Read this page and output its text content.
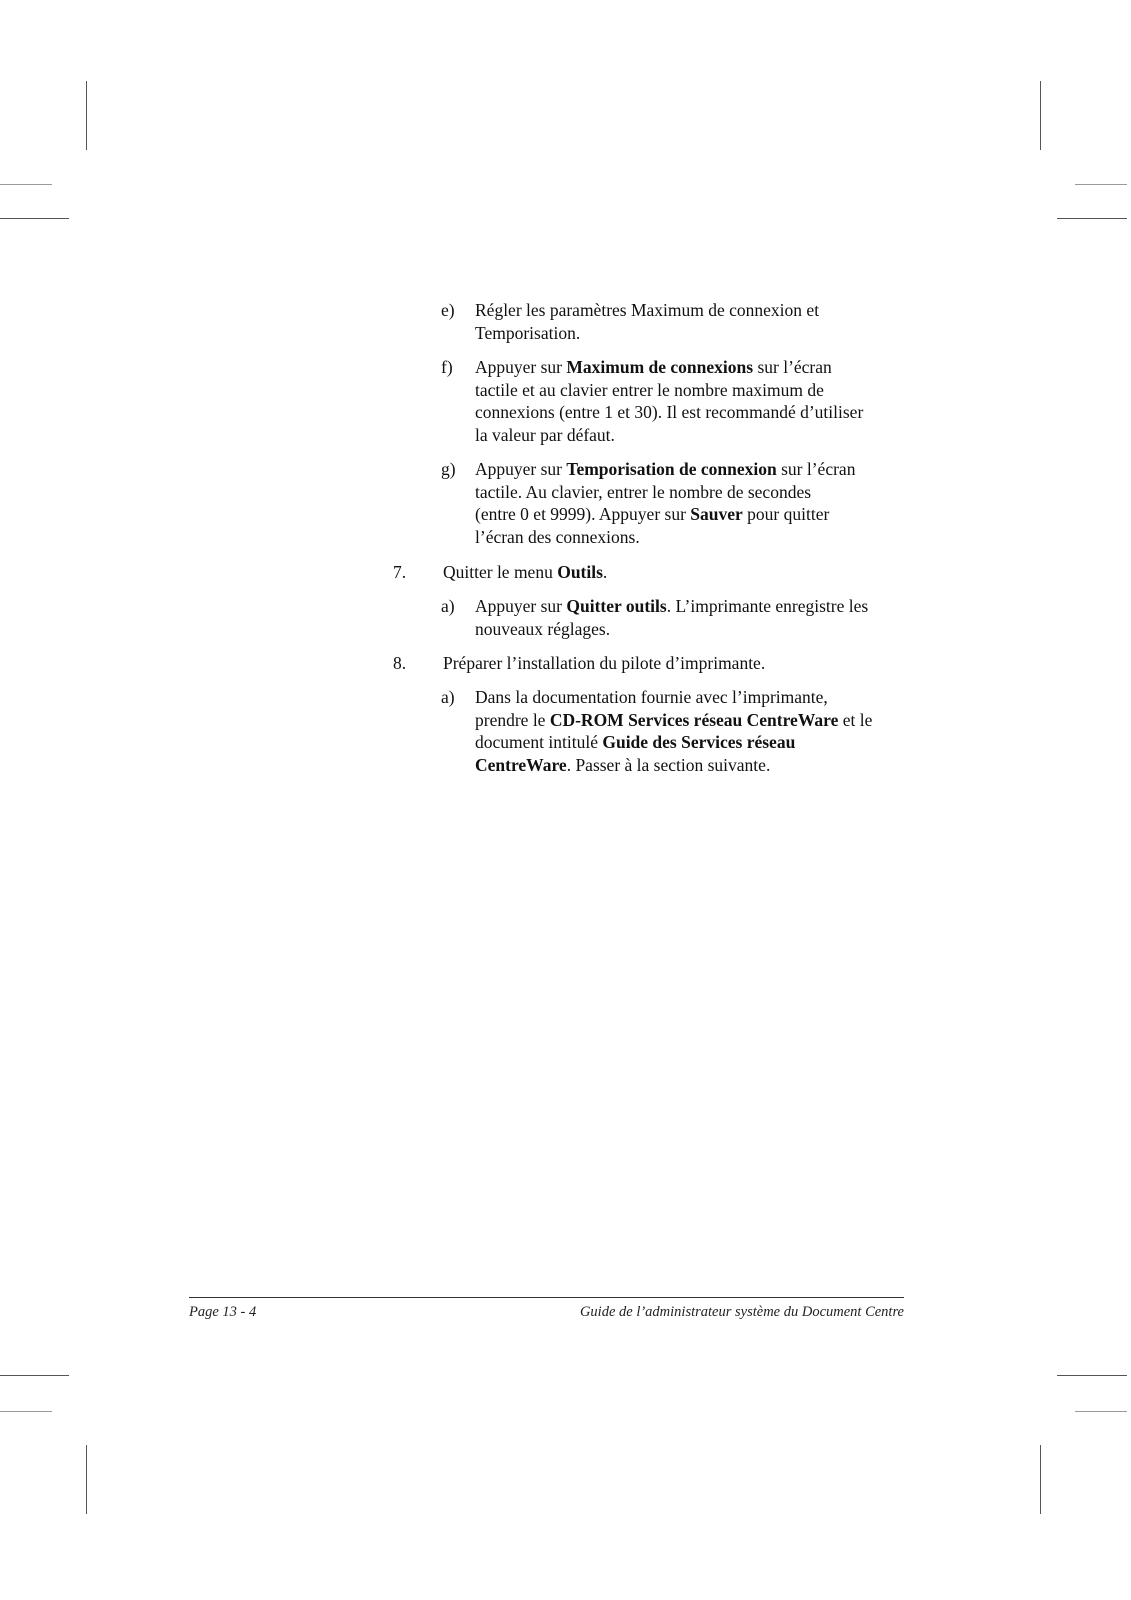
e) Régler les paramètres Maximum de connexion et
Temporisation.
f) Appuyer sur Maximum de connexions sur l’écran
tactile et au clavier entrer le nombre maximum de
connexions (entre 1 et 30). Il est recommandé d’utiliser
la valeur par défaut.
g) Appuyer sur Temporisation de connexion sur l’écran
tactile. Au clavier, entrer le nombre de secondes
(entre 0 et 9999). Appuyer sur Sauver pour quitter
l’écran des connexions.
7. Quitter le menu Outils.
a) Appuyer sur Quitter outils. L’imprimante enregistre les
nouveaux réglages.
8. Préparer l’installation du pilote d’imprimante.
a) Dans la documentation fournie avec l’imprimante,
prendre le CD-ROM Services réseau CentreWare et le
document intitulé Guide des Services réseau
CentreWare. Passer à la section suivante.
Page 13 - 4	Guide de l’administrateur système du Document Centre
